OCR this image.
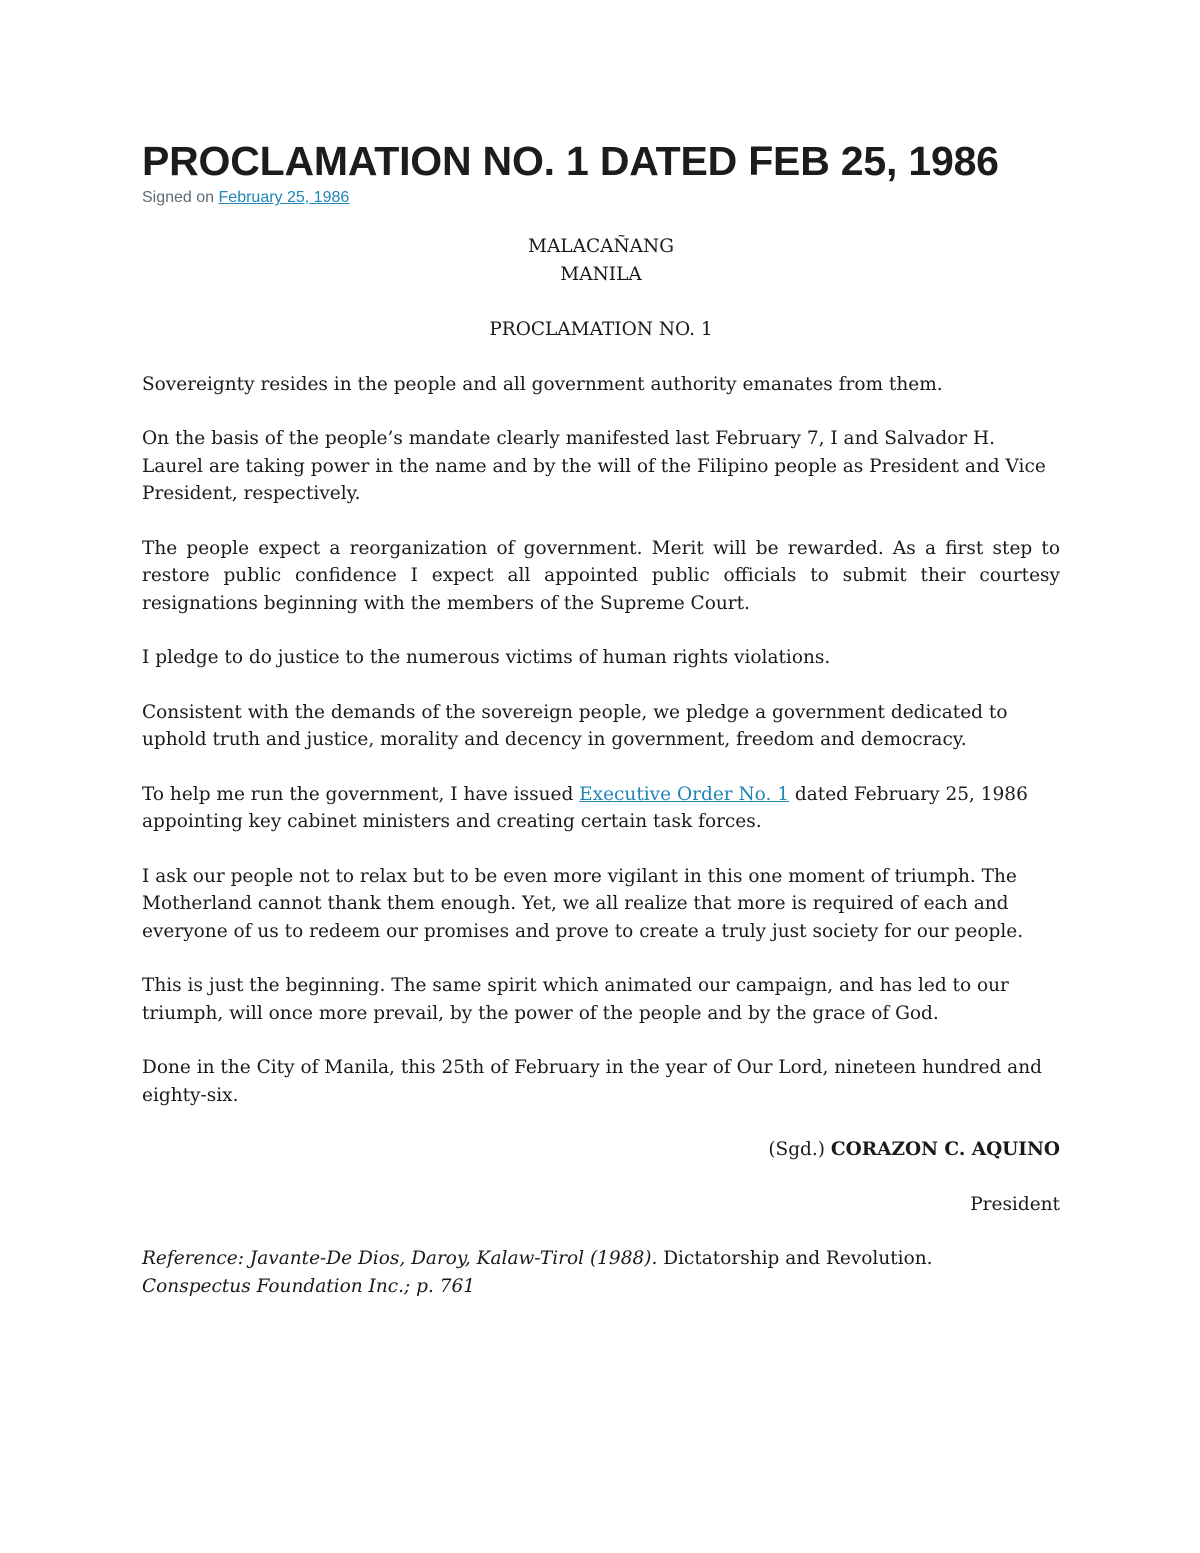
PROCLAMATION NO. 1 DATED FEB 25, 1986
Signed on February 25, 1986
MALACAÑANG
MANILA
PROCLAMATION NO. 1

Sovereignty resides in the people and all government authority emanates from them.

On the basis of the people’s mandate clearly manifested last February 7, I and Salvador H. Laurel are taking power in the name and by the will of the Filipino people as President and Vice President, respectively.

The people expect a reorganization of government. Merit will be rewarded. As a first step to restore public confidence I expect all appointed public officials to submit their courtesy resignations beginning with the members of the Supreme Court.

I pledge to do justice to the numerous victims of human rights violations.

Consistent with the demands of the sovereign people, we pledge a government dedicated to uphold truth and justice, morality and decency in government, freedom and democracy.

To help me run the government, I have issued Executive Order No. 1 dated February 25, 1986 appointing key cabinet ministers and creating certain task forces.

I ask our people not to relax but to be even more vigilant in this one moment of triumph. The Motherland cannot thank them enough. Yet, we all realize that more is required of each and everyone of us to redeem our promises and prove to create a truly just society for our people.

This is just the beginning. The same spirit which animated our campaign, and has led to our triumph, will once more prevail, by the power of the people and by the grace of God.

Done in the City of Manila, this 25th of February in the year of Our Lord, nineteen hundred and eighty-six.

(Sgd.) CORAZON C. AQUINO

President

Reference: Javante-De Dios, Daroy, Kalaw-Tirol (1988). Dictatorship and Revolution.
Conspectus Foundation Inc.; p. 761
